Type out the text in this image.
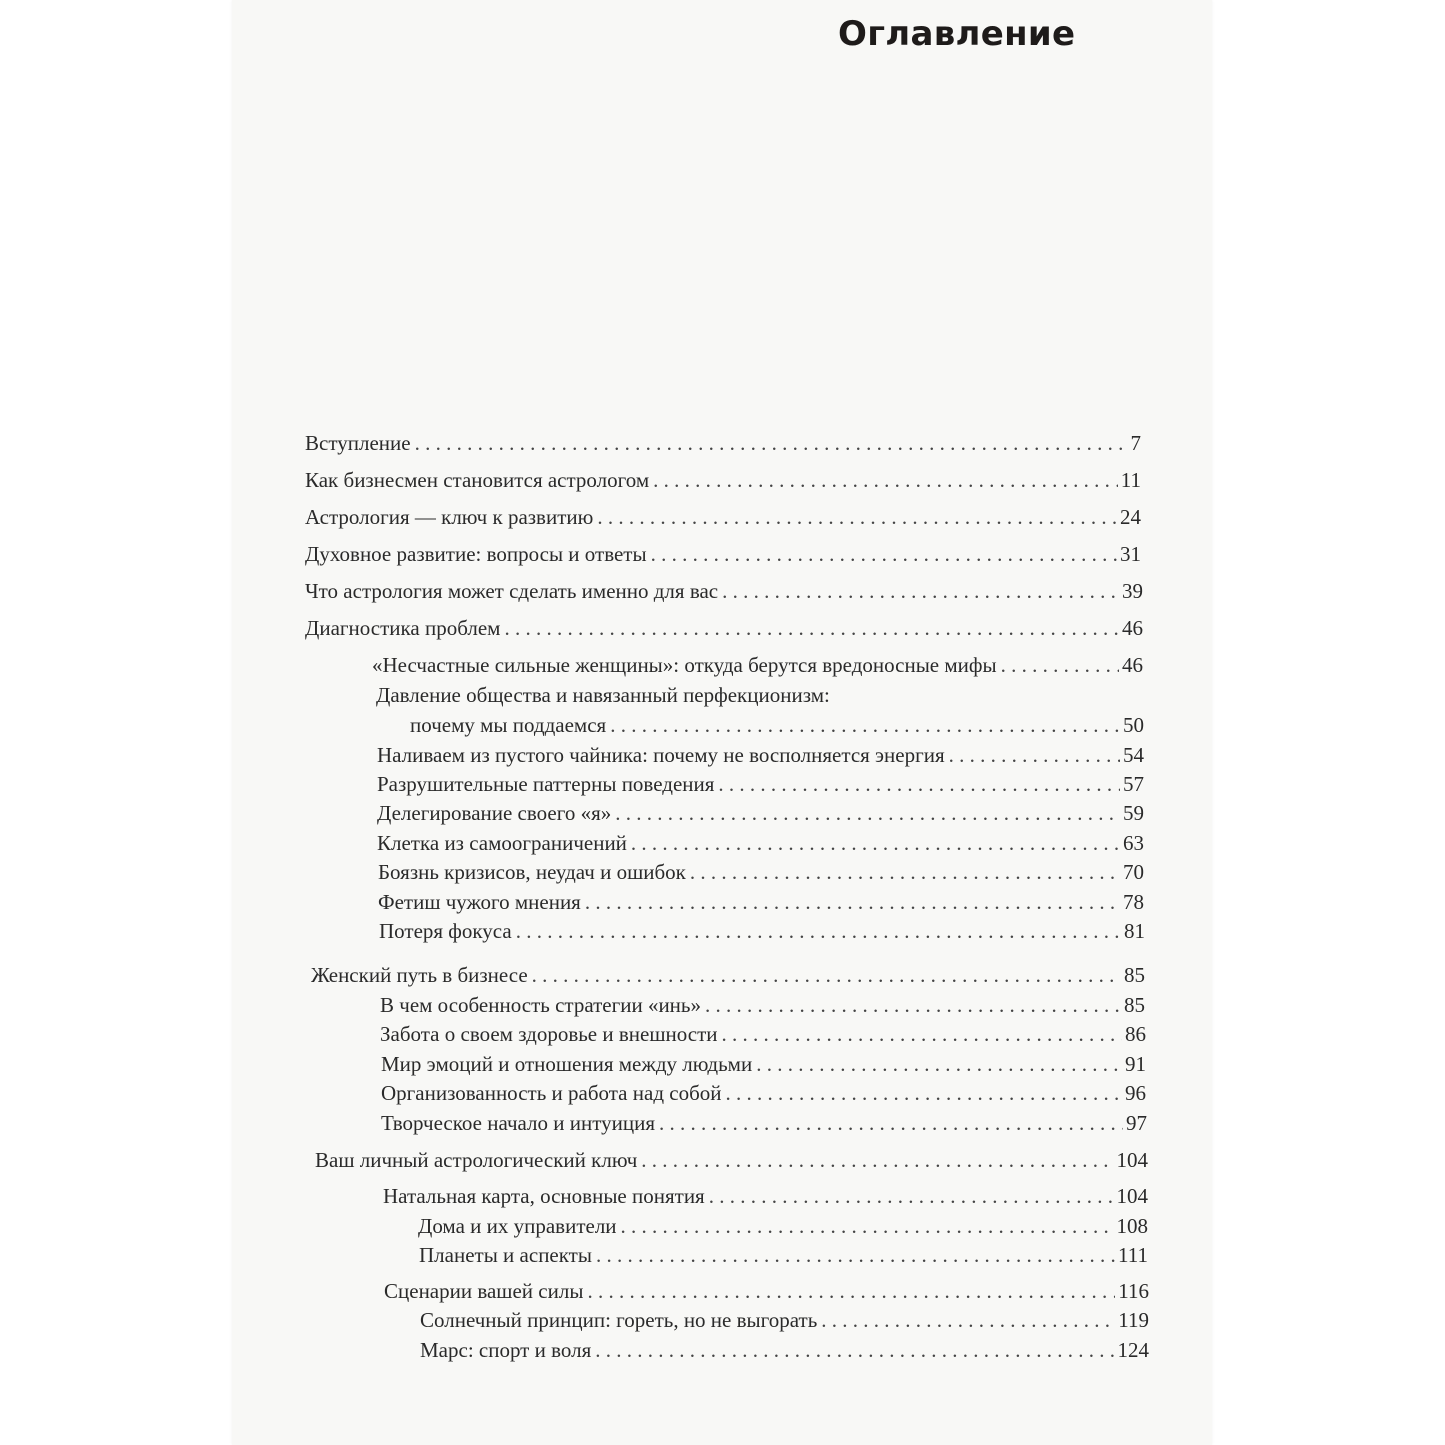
Оглавление
Вступление . . .	7
Как бизнесмен становится астрологом . . .	11
Астрология — ключ к развитию . . .	24
Духовное развитие: вопросы и ответы . . .	31
Что астрология может сделать именно для вас . . .	39
Диагностика проблем . . .	46
«Несчастные сильные женщины»: откуда берутся вредоносные мифы . . .	46
Давление общества и навязанный перфекционизм:
почему мы поддаемся . . .	50
Наливаем из пустого чайника: почему не восполняется энергия . . .	54
Разрушительные паттерны поведения . . .	57
Делегирование своего «я» . . .	59
Клетка из самоограничений . . .	63
Боязнь кризисов, неудач и ошибок . . .	70
Фетиш чужого мнения . . .	78
Потеря фокуса . . .	81
Женский путь в бизнесе . . .	85
В чем особенность стратегии «инь» . . .	85
Забота о своем здоровье и внешности . . .	86
Мир эмоций и отношения между людьми . . .	91
Организованность и работа над собой . . .	96
Творческое начало и интуиция . . .	97
Ваш личный астрологический ключ . . .	104
Натальная карта, основные понятия . . .	104
Дома и их управители . . .	108
Планеты и аспекты . . .	111
Сценарии вашей силы . . .	116
Солнечный принцип: гореть, но не выгорать . . .	119
Марс: спорт и воля . . .	124
